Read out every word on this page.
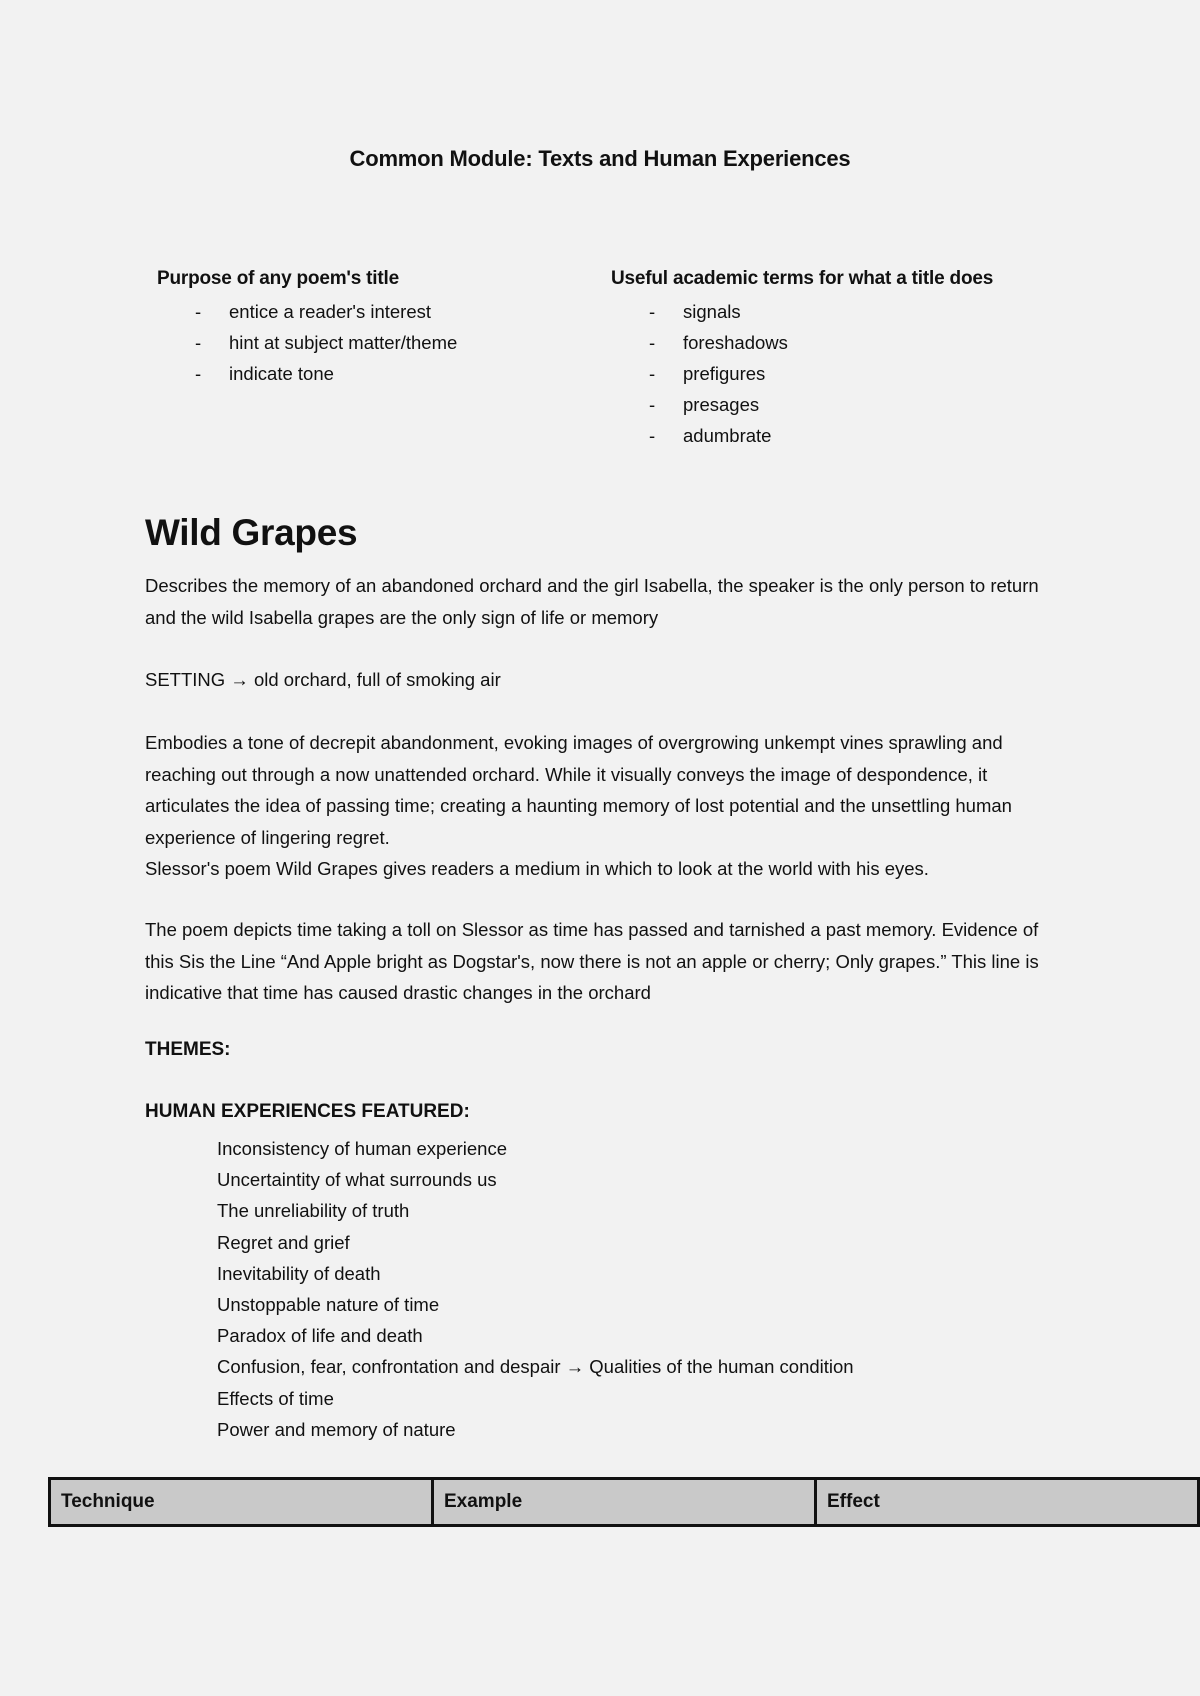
Common Module: Texts and Human Experiences
Purpose of any poem's title
- entice a reader's interest
- hint at subject matter/theme
- indicate tone
Useful academic terms for what a title does
- signals
- foreshadows
- prefigures
- presages
- adumbrate
Wild Grapes

Describes the memory of an abandoned orchard and the girl Isabella, the speaker is the only person to return and the wild Isabella grapes are the only sign of life or memory

SETTING → old orchard, full of smoking air

Embodies a tone of decrepit abandonment, evoking images of overgrowing unkempt vines sprawling and reaching out through a now unattended orchard. While it visually conveys the image of despondence, it articulates the idea of passing time; creating a haunting memory of lost potential and the unsettling human experience of lingering regret.

Slessor's poem Wild Grapes gives readers a medium in which to look at the world with his eyes.

The poem depicts time taking a toll on Slessor as time has passed and tarnished a past memory. Evidence of this Sis the Line “And Apple bright as Dogstar's, now there is not an apple or cherry; Only grapes.” This line is indicative that time has caused drastic changes in the orchard

THEMES:
HUMAN EXPERIENCES FEATURED:
Inconsistency of human experience
Uncertaintity of what surrounds us
The unreliability of truth
Regret and grief
Inevitability of death
Unstoppable nature of time
Paradox of life and death
Confusion, fear, confrontation and despair → Qualities of the human condition
Effects of time
Power and memory of nature
Technique	Example	Effect
